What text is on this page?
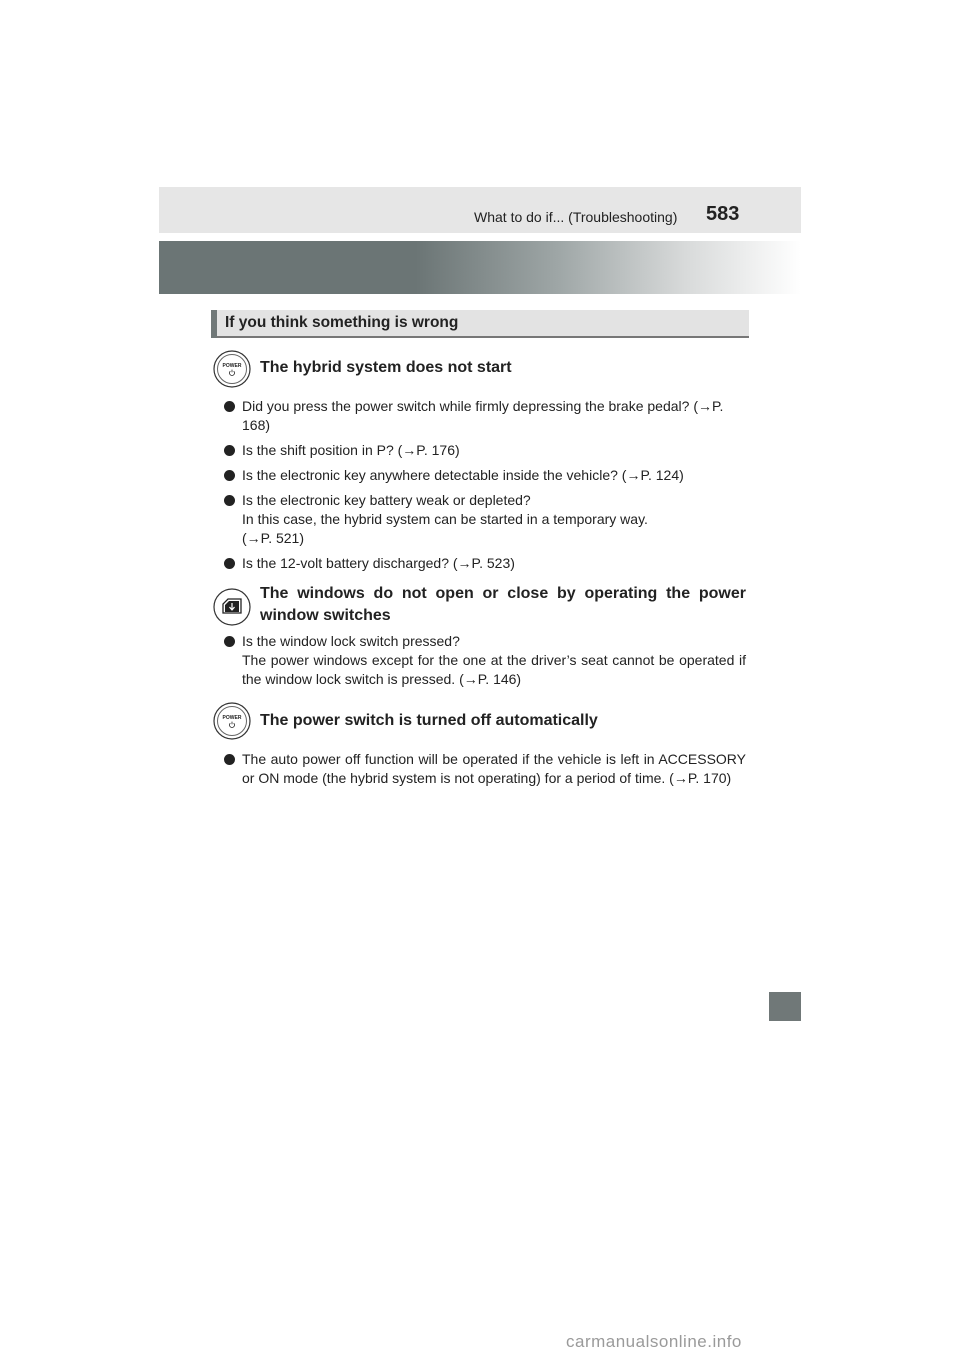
What to do if... (Troubleshooting) 583
If you think something is wrong
POWER The hybrid system does not start
Did you press the power switch while firmly depressing the brake pedal? (→P. 168)
Is the shift position in P? (→P. 176)
Is the electronic key anywhere detectable inside the vehicle? (→P. 124)
Is the electronic key battery weak or depleted?
In this case, the hybrid system can be started in a temporary way.
(→P. 521)
Is the 12-volt battery discharged? (→P. 523)
The windows do not open or close by operating the power window switches
Is the window lock switch pressed?
The power windows except for the one at the driver’s seat cannot be operated if the window lock switch is pressed. (→P. 146)
POWER The power switch is turned off automatically
The auto power off function will be operated if the vehicle is left in ACCESSORY or ON mode (the hybrid system is not operating) for a period of time. (→P. 170)
carmanualsonline.info
